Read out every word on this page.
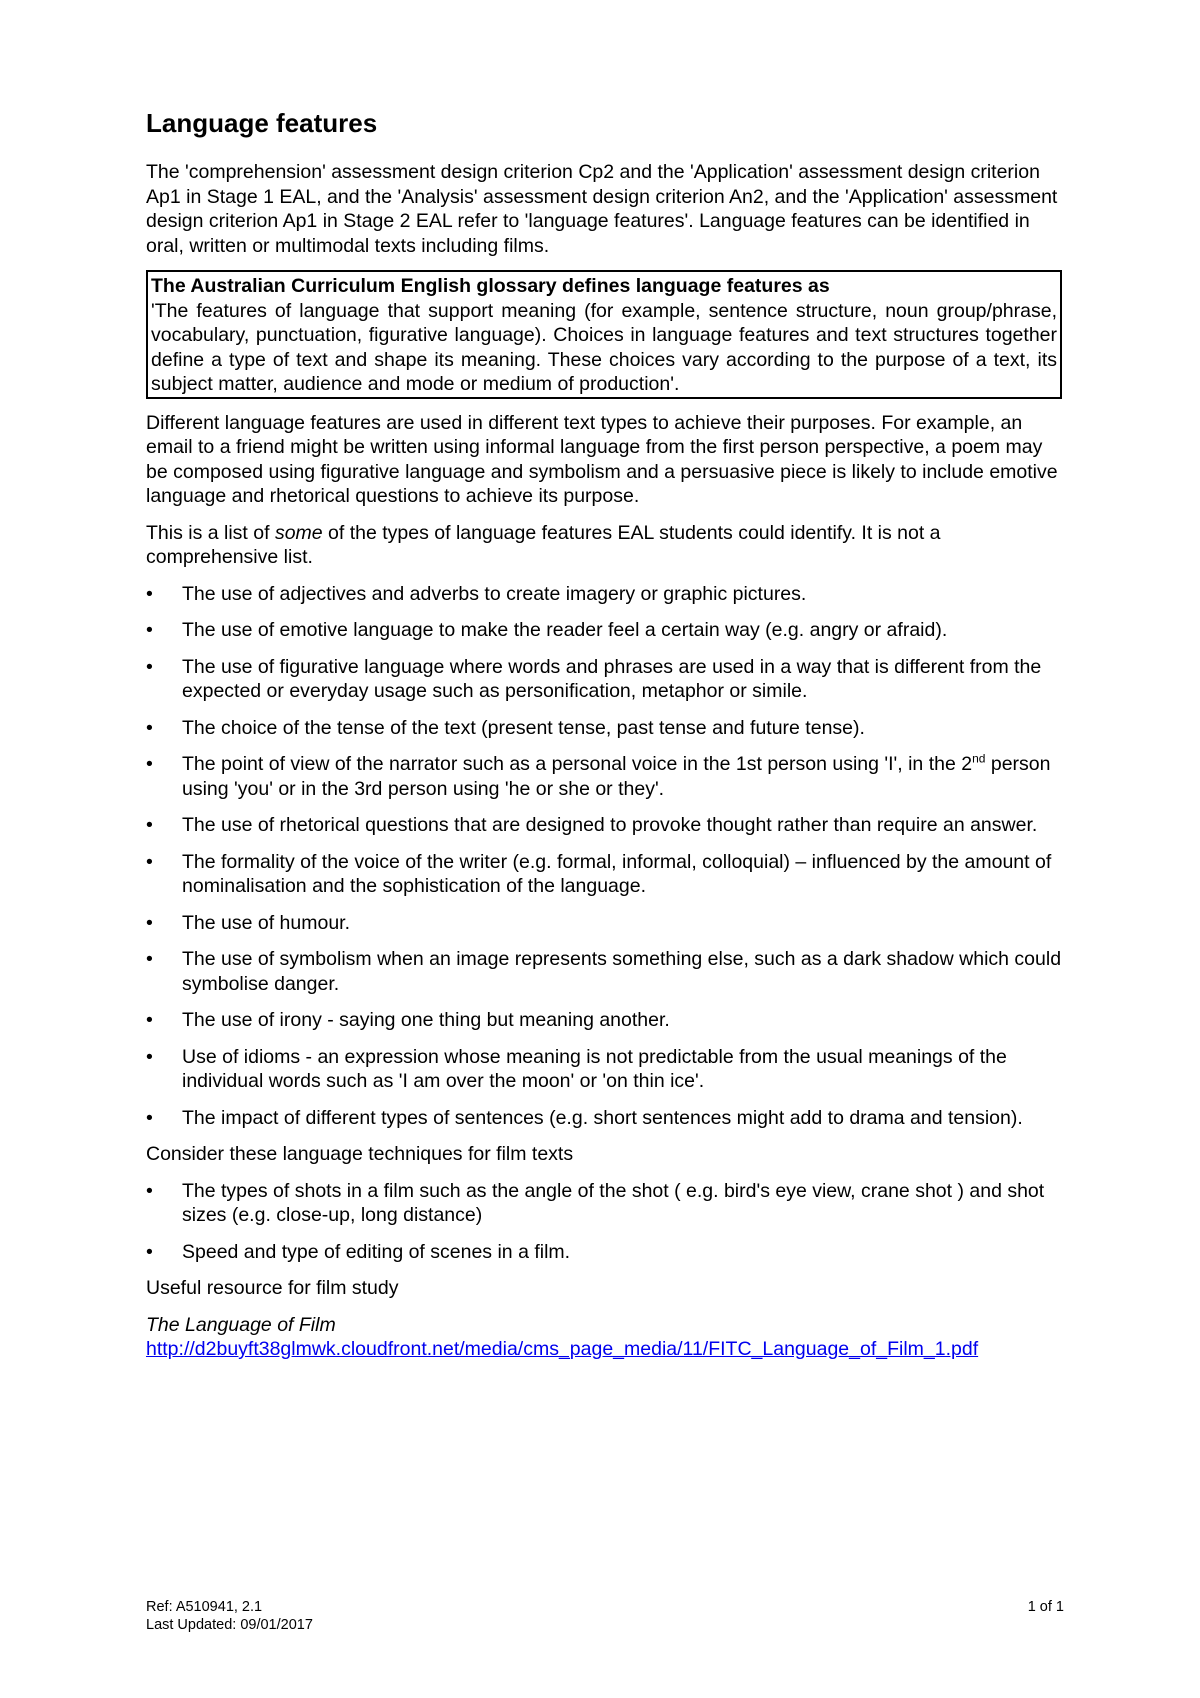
Language features

The 'comprehension' assessment design criterion Cp2 and the 'Application' assessment design criterion Ap1 in Stage 1 EAL, and the 'Analysis' assessment design criterion An2, and the 'Application' assessment design criterion Ap1 in Stage 2 EAL refer to 'language features'. Language features can be identified in oral, written or multimodal texts including films.

The Australian Curriculum English glossary defines language features as
'The features of language that support meaning (for example, sentence structure, noun group/phrase, vocabulary, punctuation, figurative language). Choices in language features and text structures together define a type of text and shape its meaning. These choices vary according to the purpose of a text, its subject matter, audience and mode or medium of production'.

Different language features are used in different text types to achieve their purposes. For example, an email to a friend might be written using informal language from the first person perspective, a poem may be composed using figurative language and symbolism and a persuasive piece is likely to include emotive language and rhetorical questions to achieve its purpose.

This is a list of some of the types of language features EAL students could identify. It is not a comprehensive list.

• The use of adjectives and adverbs to create imagery or graphic pictures.
• The use of emotive language to make the reader feel a certain way (e.g. angry or afraid).
• The use of figurative language where words and phrases are used in a way that is different from the expected or everyday usage such as personification, metaphor or simile.
• The choice of the tense of the text (present tense, past tense and future tense).
• The point of view of the narrator such as a personal voice in the 1st person using 'I', in the 2nd person using 'you' or in the 3rd person using 'he or she or they'.
• The use of rhetorical questions that are designed to provoke thought rather than require an answer.
• The formality of the voice of the writer (e.g. formal, informal, colloquial) – influenced by the amount of nominalisation and the sophistication of the language.
• The use of humour.
• The use of symbolism when an image represents something else, such as a dark shadow which could symbolise danger.
• The use of irony - saying one thing but meaning another.
• Use of idioms - an expression whose meaning is not predictable from the usual meanings of the individual words such as 'I am over the moon' or 'on thin ice'.
• The impact of different types of sentences (e.g. short sentences might add to drama and tension).

Consider these language techniques for film texts

• The types of shots in a film such as the angle of the shot ( e.g. bird's eye view, crane shot ) and shot sizes (e.g. close-up, long distance)
• Speed and type of editing of scenes in a film.

Useful resource for film study

The Language of Film
http://d2buyft38glmwk.cloudfront.net/media/cms_page_media/11/FITC_Language_of_Film_1.pdf

Ref: A510941, 2.1
Last Updated: 09/01/2017
1 of 1
